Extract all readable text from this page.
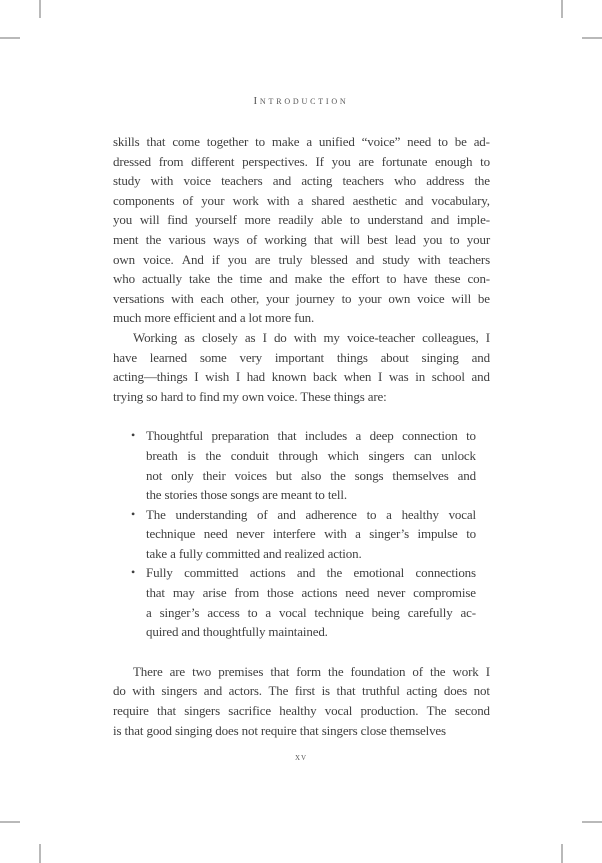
Introduction
skills that come together to make a unified “voice” need to be ad-
dressed from different perspectives. If you are fortunate enough to
study with voice teachers and acting teachers who address the
components of your work with a shared aesthetic and vocabulary,
you will find yourself more readily able to understand and imple-
ment the various ways of working that will best lead you to your
own voice. And if you are truly blessed and study with teachers
who actually take the time and make the effort to have these con-
versations with each other, your journey to your own voice will be
much more efficient and a lot more fun.
Working as closely as I do with my voice-teacher colleagues, I
have learned some very important things about singing and
acting—things I wish I had known back when I was in school and
trying so hard to find my own voice. These things are:
• Thoughtful preparation that includes a deep connection to
breath is the conduit through which singers can unlock
not only their voices but also the songs themselves and
the stories those songs are meant to tell.
• The understanding of and adherence to a healthy vocal
technique need never interfere with a singer’s impulse to
take a fully committed and realized action.
• Fully committed actions and the emotional connections
that may arise from those actions need never compromise
a singer’s access to a vocal technique being carefully ac-
quired and thoughtfully maintained.
There are two premises that form the foundation of the work I
do with singers and actors. The first is that truthful acting does not
require that singers sacrifice healthy vocal production. The second
is that good singing does not require that singers close themselves
xv
